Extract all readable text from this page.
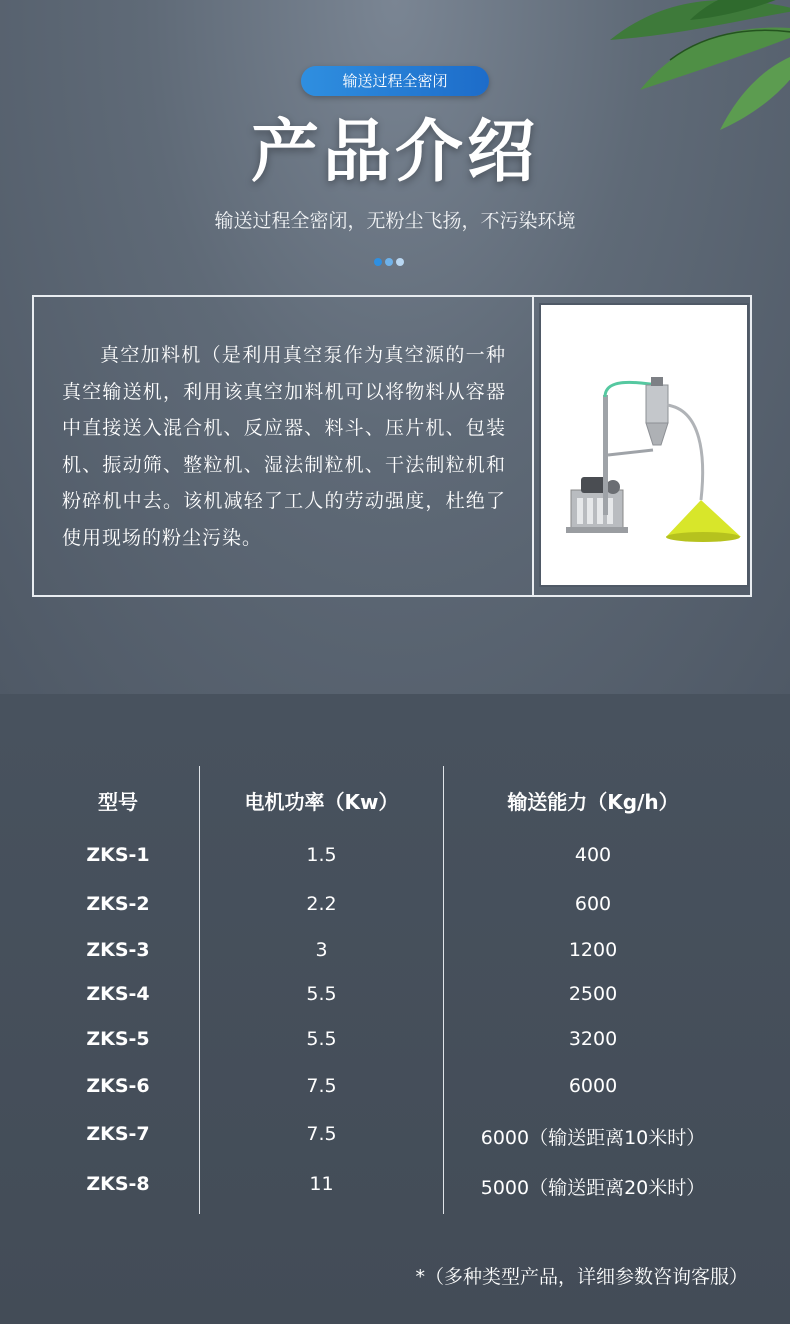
输送过程全密闭
产品介绍
输送过程全密闭，无粉尘飞扬，不污染环境
真空加料机（是利用真空泵作为真空源的一种真空输送机，利用该真空加料机可以将物料从容器中直接送入混合机、反应器、料斗、压片机、包装机、振动筛、整粒机、湿法制粒机、干法制粒机和粉碎机中去。该机减轻了工人的劳动强度，杜绝了使用现场的粉尘污染。
型号	电机功率（Kw）	输送能力（Kg/h）
ZKS-1	1.5	400
ZKS-2	2.2	600
ZKS-3	3	1200
ZKS-4	5.5	2500
ZKS-5	5.5	3200
ZKS-6	7.5	6000
ZKS-7	7.5	6000（输送距离10米时）
ZKS-8	11	5000（输送距离20米时）
*（多种类型产品，详细参数咨询客服）
